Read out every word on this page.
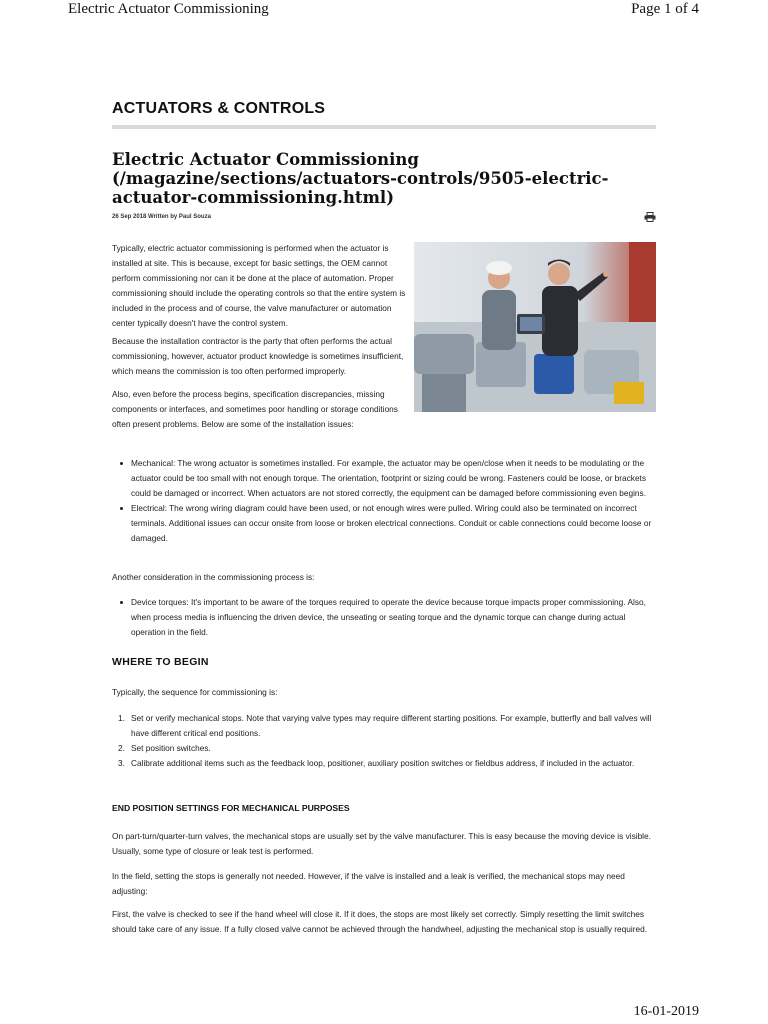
Electric Actuator Commissioning	Page 1 of 4
ACTUATORS & CONTROLS
Electric Actuator Commissioning (/magazine/sections/actuators-controls/9505-electric-actuator-commissioning.html)
26 Sep 2018 Written by Paul Souza

Typically, electric actuator commissioning is performed when the actuator is installed at site. This is because, except for basic settings, the OEM cannot perform commissioning nor can it be done at the place of automation. Proper commissioning should include the operating controls so that the entire system is included in the process and of course, the valve manufacturer or automation center typically doesn't have the control system.

Because the installation contractor is the party that often performs the actual commissioning, however, actuator product knowledge is sometimes insufficient, which means the commission is too often performed improperly.

Also, even before the process begins, specification discrepancies, missing components or interfaces, and sometimes poor handling or storage conditions often present problems. Below are some of the installation issues:

Mechanical: The wrong actuator is sometimes installed. For example, the actuator may be open/close when it needs to be modulating or the actuator could be too small with not enough torque. The orientation, footprint or sizing could be wrong. Fasteners could be loose, or brackets could be damaged or incorrect. When actuators are not stored correctly, the equipment can be damaged before commissioning even begins.
Electrical: The wrong wiring diagram could have been used, or not enough wires were pulled. Wiring could also be terminated on incorrect terminals. Additional issues can occur onsite from loose or broken electrical connections. Conduit or cable connections could become loose or damaged.

Another consideration in the commissioning process is:

Device torques: It's important to be aware of the torques required to operate the device because torque impacts proper commissioning. Also, when process media is influencing the driven device, the unseating or seating torque and the dynamic torque can change during actual operation in the field.
WHERE TO BEGIN

Typically, the sequence for commissioning is:

1. Set or verify mechanical stops. Note that varying valve types may require different starting positions. For example, butterfly and ball valves will have different critical end positions.
2. Set position switches.
3. Calibrate additional items such as the feedback loop, positioner, auxiliary position switches or fieldbus address, if included in the actuator.
END POSITION SETTINGS FOR MECHANICAL PURPOSES

On part-turn/quarter-turn valves, the mechanical stops are usually set by the valve manufacturer. This is easy because the moving device is visible. Usually, some type of closure or leak test is performed.

In the field, setting the stops is generally not needed. However, if the valve is installed and a leak is verified, the mechanical stops may need adjusting:

First, the valve is checked to see if the hand wheel will close it. If it does, the stops are most likely set correctly. Simply resetting the limit switches should take care of any issue. If a fully closed valve cannot be achieved through the handwheel, adjusting the mechanical stop is usually required.

16-01-2019
